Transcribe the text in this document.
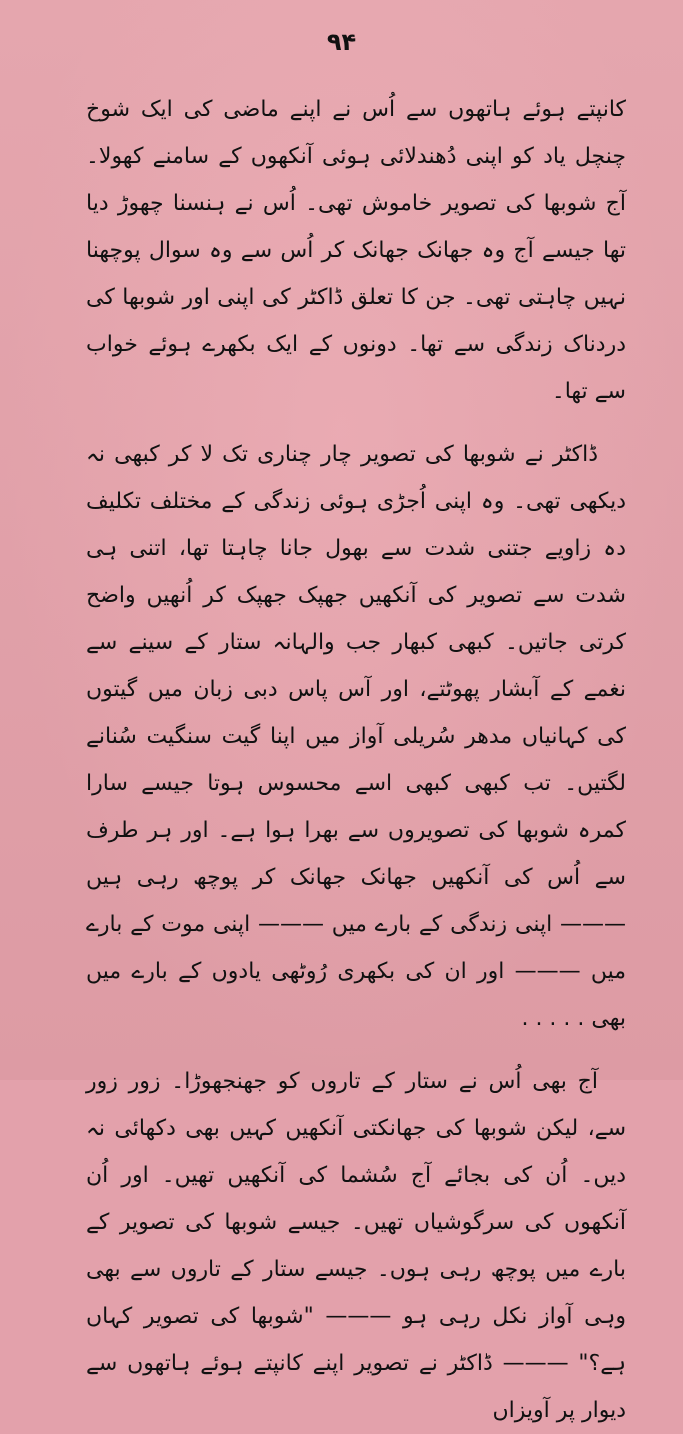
۹۴

کانپتے ہوئے ہاتھوں سے اُس نے اپنے ماضی کی ایک شوخ چنچل یاد کو اپنی دُھندلائی ہوئی آنکھوں کے سامنے کھولا۔ آج شوبھا کی تصویر خاموش تھی۔ اُس نے ہنسنا چھوڑ دیا تھا جیسے آج وہ جھانک جھانک کر اُس سے وہ سوال پوچھنا نہیں چاہتی تھی۔ جن کا تعلق ڈاکٹر کی اپنی اور شوبھا کی دردناک زندگی سے تھا۔ دونوں کے ایک بکھرے ہوئے خواب سے تھا۔

ڈاکٹر نے شوبھا کی تصویر چار چناری تک لا کر کبھی نہ دیکھی تھی۔ وہ اپنی اُجڑی ہوئی زندگی کے مختلف تکلیف دہ زاویے جتنی شدت سے بھول جانا چاہتا تھا، اتنی ہی شدت سے تصویر کی آنکھیں جھپک جھپک کر اُنھیں واضح کرتی جاتیں۔ کبھی کبھار جب والہانہ ستار کے سینے سے نغمے کے آبشار پھوٹتے، اور آس پاس دبی زبان میں گیتوں کی کہانیاں مدھر سُریلی آواز میں اپنا گیت سنگیت سُنانے لگتیں۔ تب کبھی کبھی اسے محسوس ہوتا جیسے سارا کمرہ شوبھا کی تصویروں سے بھرا ہوا ہے۔ اور ہر طرف سے اُس کی آنکھیں جھانک جھانک کر پوچھ رہی ہیں ——— اپنی زندگی کے بارے میں ——— اپنی موت کے بارے میں ——— اور ان کی بکھری رُوٹھی یادوں کے بارے میں بھی . . . . .

آج بھی اُس نے ستار کے تاروں کو جھنجھوڑا۔ زور زور سے، لیکن شوبھا کی جھانکتی آنکھیں کہیں بھی دکھائی نہ دیں۔ اُن کی بجائے آج سُشما کی آنکھیں تھیں۔ اور اُن آنکھوں کی سرگوشیاں تھیں۔ جیسے شوبھا کی تصویر کے بارے میں پوچھ رہی ہوں۔ جیسے ستار کے تاروں سے بھی وہی آواز نکل رہی ہو ——— "شوبھا کی تصویر کہاں ہے؟" ——— ڈاکٹر نے تصویر اپنے کانپتے ہوئے ہاتھوں سے دیوار پر آویزاں
